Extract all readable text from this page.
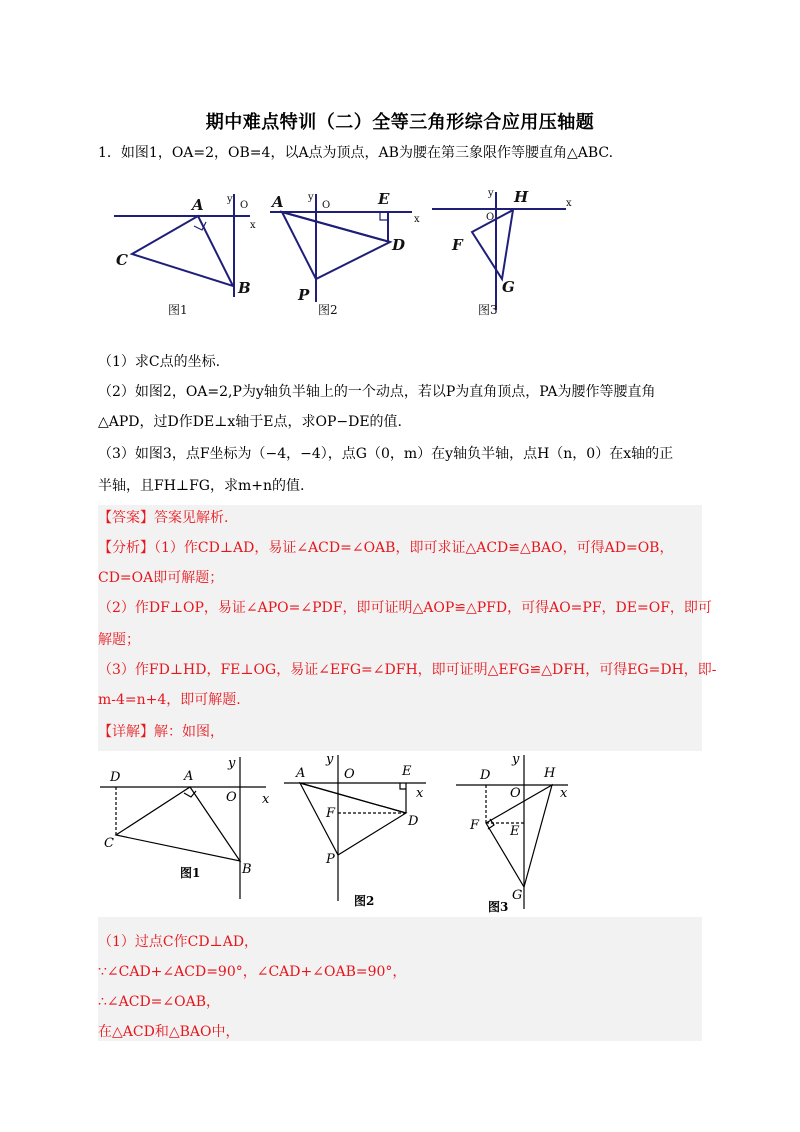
期中难点特训（二）全等三角形综合应用压轴题
1．如图1，OA=2，OB=4，以A点为顶点，AB为腰在第三象限作等腰直角△ABC.
A
C
B
A	E
D
P
H
F
G
y
O
x
y
O
x
y
O
x
图1	图2	图3
（1）求C点的坐标.
（2）如图2，OA=2,P为y轴负半轴上的一个动点，若以P为直角顶点，PA为腰作等腰直角
△APD，过D作DE⊥x轴于E点，求OP−DE的值.
（3）如图3，点F坐标为（−4，−4），点G（0，m）在y轴负半轴，点H（n，0）在x轴的正
半轴，且FH⊥FG，求m+n的值.
【答案】答案见解析.
【分析】（1）作CD⊥AD，易证∠ACD=∠OAB，即可求证△ACD≌△BAO，可得AD=OB，
CD=OA即可解题；
（2）作DF⊥OP，易证∠APO=∠PDF，即可证明△AOP≌△PFD，可得AO=PF，DE=OF，即可
解题；
（3）作FD⊥HD，FE⊥OG，易证∠EFG=∠DFH，即可证明△EFG≌△DFH，可得EG=DH，即-
m-4=n+4，即可解题.
【详解】解：如图，
D	A
O
C
B
y
x
A	O	E
F
D
P
y
x
D	H
O
F E
G
y
x
图1
图2	图3
（1）过点C作CD⊥AD，
∵∠CAD+∠ACD=90°，∠CAD+∠OAB=90°，
∴∠ACD=∠OAB，
在△ACD和△BAO中，
